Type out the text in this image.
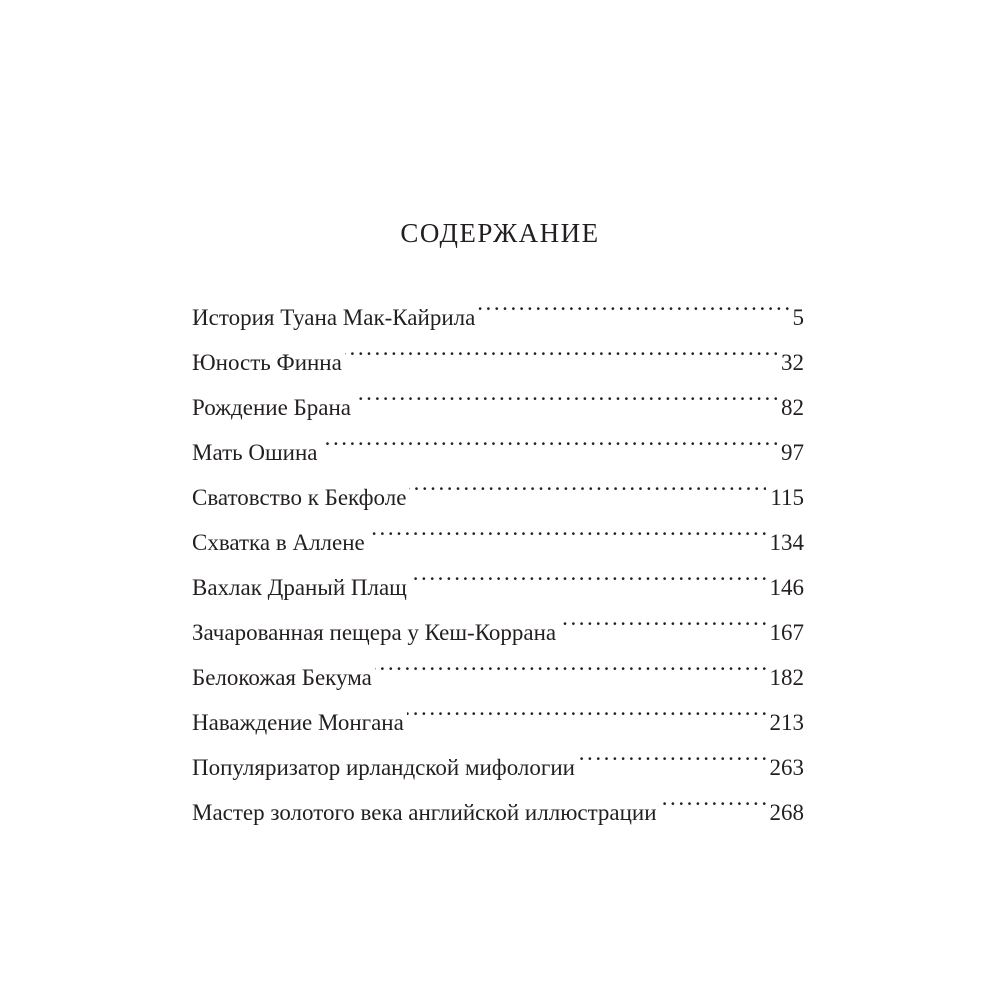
СОДЕРЖАНИЕ
История Туана Мак-Кайрила . . .	5
Юность Финна . . .	32
Рождение Брана . . .	82
Мать Ошина . . .	97
Сватовство к Бекфоле . . .	115
Схватка в Аллене . . .	134
Вахлак Драный Плащ . . .	146
Зачарованная пещера у Кеш-Коррана . . .	167
Белокожая Бекума . . .	182
Наваждение Монгана . . .	213
Популяризатор ирландской мифологии . . .	263
Мастер золотого века английской иллюстрации . . .	268
